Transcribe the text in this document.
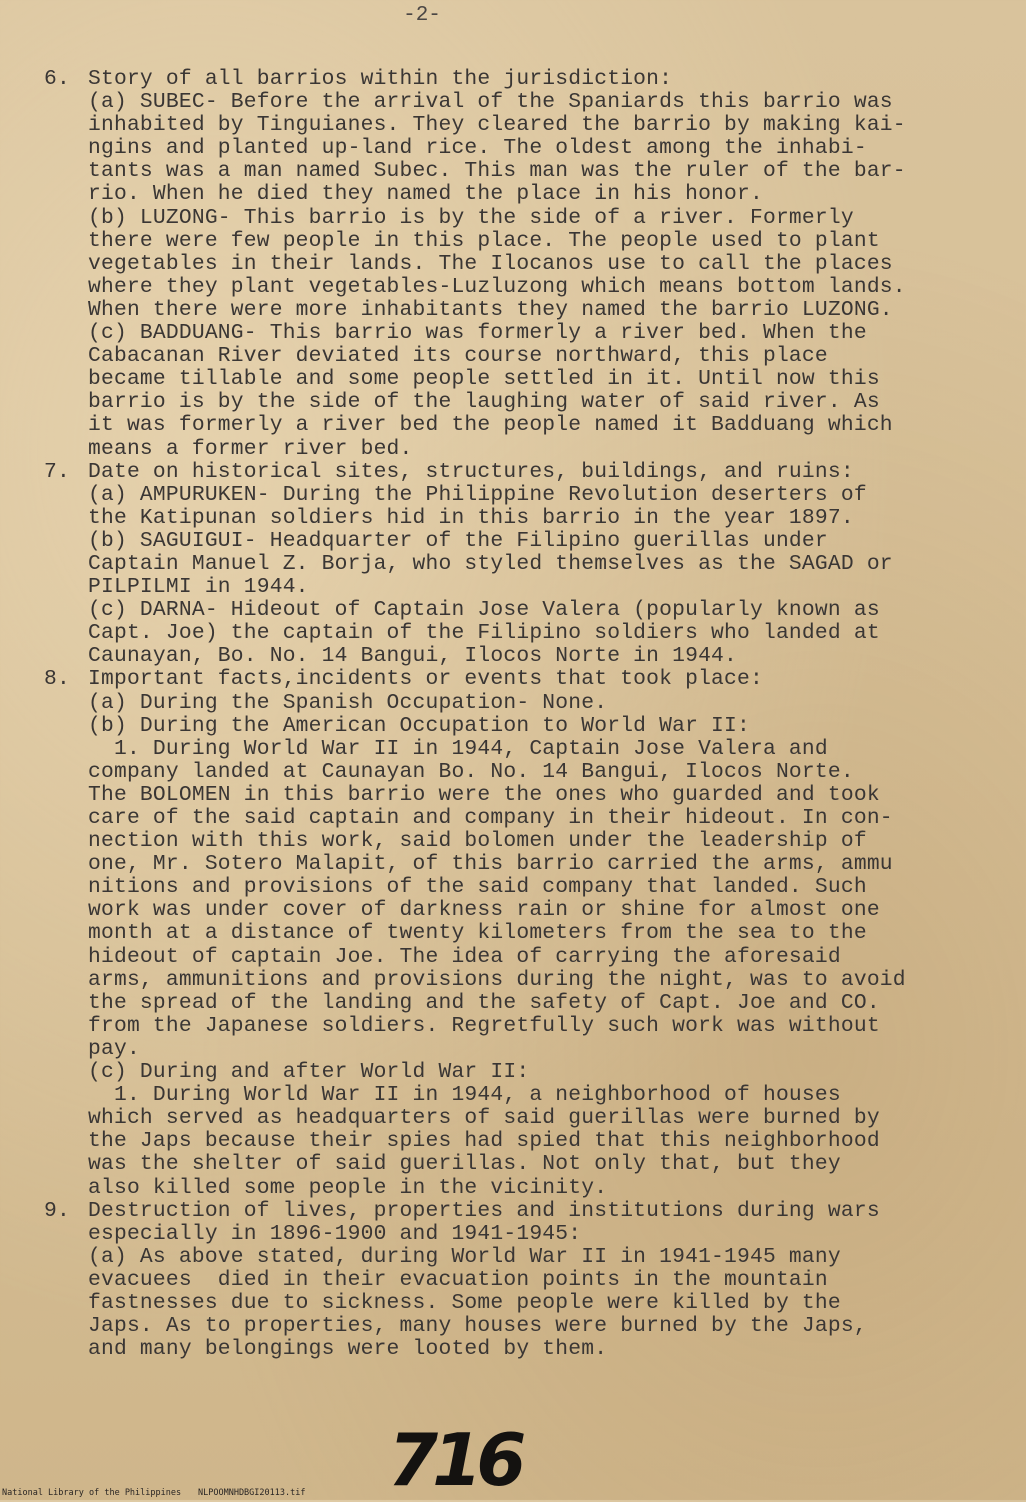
-2-
6. Story of all barrios within the jurisdiction:
(a) SUBEC- Before the arrival of the Spaniards this barrio was
inhabited by Tinguianes. They cleared the barrio by making kai-
ngins and planted up-land rice. The oldest among the inhabi-
tants was a man named Subec. This man was the ruler of the bar-
rio. When he died they named the place in his honor.
(b) LUZONG- This barrio is by the side of a river. Formerly
there were few people in this place. The people used to plant
vegetables in their lands. The Ilocanos use to call the places
where they plant vegetables-Luzluzong which means bottom lands.
When there were more inhabitants they named the barrio LUZONG.
(c) BADDUANG- This barrio was formerly a river bed. When the
Cabacanan River deviated its course northward, this place
became tillable and some people settled in it. Until now this
barrio is by the side of the laughing water of said river. As
it was formerly a river bed the people named it Badduang which
means a former river bed.
7. Date on historical sites, structures, buildings, and ruins:
(a) AMPURUKEN- During the Philippine Revolution deserters of
the Katipunan soldiers hid in this barrio in the year 1897.
(b) SAGUIGUI- Headquarter of the Filipino guerillas under
Captain Manuel Z. Borja, who styled themselves as the SAGAD or
PILPILMI in 1944.
(c) DARNA- Hideout of Captain Jose Valera (popularly known as
Capt. Joe) the captain of the Filipino soldiers who landed at
Caunayan, Bo. No. 14 Bangui, Ilocos Norte in 1944.
8. Important facts,incidents or events that took place:
(a) During the Spanish Occupation- None.
(b) During the American Occupation to World War II:
1. During World War II in 1944, Captain Jose Valera and
company landed at Caunayan Bo. No. 14 Bangui, Ilocos Norte.
The BOLOMEN in this barrio were the ones who guarded and took
care of the said captain and company in their hideout. In con-
nection with this work, said bolomen under the leadership of
one, Mr. Sotero Malapit, of this barrio carried the arms, ammu
nitions and provisions of the said company that landed. Such
work was under cover of darkness rain or shine for almost one
month at a distance of twenty kilometers from the sea to the
hideout of captain Joe. The idea of carrying the aforesaid
arms, ammunitions and provisions during the night, was to avoid
the spread of the landing and the safety of Capt. Joe and CO.
from the Japanese soldiers. Regretfully such work was without
pay.
(c) During and after World War II:
1. During World War II in 1944, a neighborhood of houses
which served as headquarters of said guerillas were burned by
the Japs because their spies had spied that this neighborhood
was the shelter of said guerillas. Not only that, but they
also killed some people in the vicinity.
9. Destruction of lives, properties and institutions during wars
especially in 1896-1900 and 1941-1945:
(a) As above stated, during World War II in 1941-1945 many
evacuees  died in their evacuation points in the mountain
fastnesses due to sickness. Some people were killed by the
Japs. As to properties, many houses were burned by the Japs,
and many belongings were looted by them.
716
National Library of the Philippines NLPOOMNHDBGI20113.tif
